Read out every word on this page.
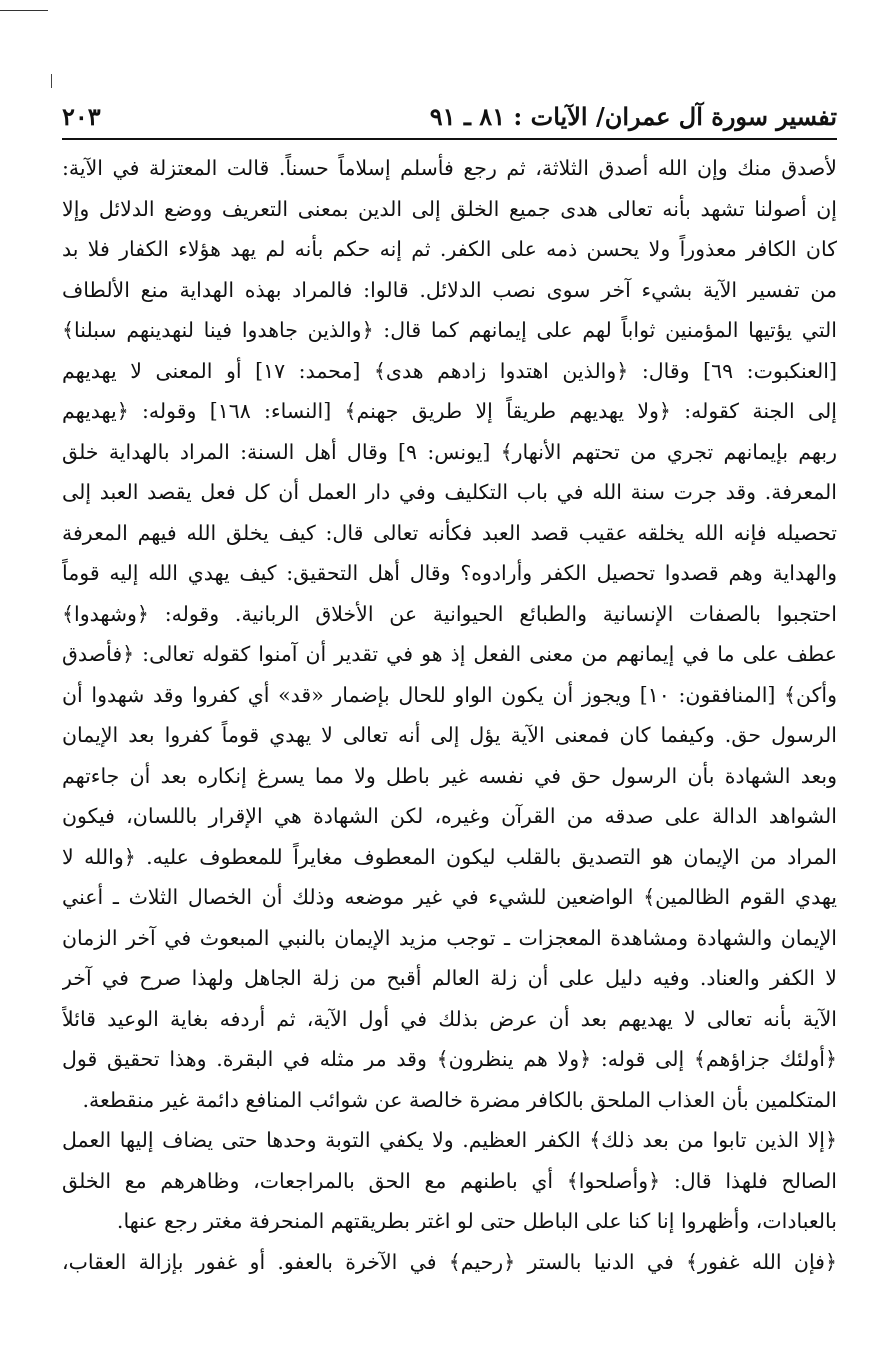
تفسير سورة آل عمران/ الآيات : ٨١ ـ ٩١
٢٠٣
لأصدق منك وإن الله أصدق الثلاثة، ثم رجع فأسلم إسلاماً حسناً. قالت المعتزلة في الآية:
إن أصولنا تشهد بأنه تعالى هدى جميع الخلق إلى الدين بمعنى التعريف ووضع الدلائل وإلا
كان الكافر معذوراً ولا يحسن ذمه على الكفر. ثم إنه حكم بأنه لم يهد هؤلاء الكفار فلا بد
من تفسير الآية بشيء آخر سوى نصب الدلائل. قالوا: فالمراد بهذه الهداية منع الألطاف
التي يؤتيها المؤمنين ثواباً لهم على إيمانهم كما قال: ﴿والذين جاهدوا فينا لنهدينهم سبلنا﴾
[العنكبوت: ٦٩] وقال: ﴿والذين اهتدوا زادهم هدى﴾ [محمد: ١٧] أو المعنى لا يهديهم
إلى الجنة كقوله: ﴿ولا يهديهم طريقاً إلا طريق جهنم﴾ [النساء: ١٦٨] وقوله: ﴿يهديهم
ربهم بإيمانهم تجري من تحتهم الأنهار﴾ [يونس: ٩] وقال أهل السنة: المراد بالهداية خلق
المعرفة. وقد جرت سنة الله في باب التكليف وفي دار العمل أن كل فعل يقصد العبد إلى
تحصيله فإنه الله يخلقه عقيب قصد العبد فكأنه تعالى قال: كيف يخلق الله فيهم المعرفة
والهداية وهم قصدوا تحصيل الكفر وأرادوه؟ وقال أهل التحقيق: كيف يهدي الله إليه قوماً
احتجبوا بالصفات الإنسانية والطبائع الحيوانية عن الأخلاق الربانية. وقوله: ﴿وشهدوا﴾
عطف على ما في إيمانهم من معنى الفعل إذ هو في تقدير أن آمنوا كقوله تعالى: ﴿فأصدق
وأكن﴾ [المنافقون: ١٠] ويجوز أن يكون الواو للحال بإضمار «قد» أي كفروا وقد شهدوا أن
الرسول حق. وكيفما كان فمعنى الآية يؤل إلى أنه تعالى لا يهدي قوماً كفروا بعد الإيمان
وبعد الشهادة بأن الرسول حق في نفسه غير باطل ولا مما يسرغ إنكاره بعد أن جاءتهم
الشواهد الدالة على صدقه من القرآن وغيره، لكن الشهادة هي الإقرار باللسان، فيكون
المراد من الإيمان هو التصديق بالقلب ليكون المعطوف مغايراً للمعطوف عليه. ﴿والله لا
يهدي القوم الظالمين﴾ الواضعين للشيء في غير موضعه وذلك أن الخصال الثلاث ـ أعني
الإيمان والشهادة ومشاهدة المعجزات ـ توجب مزيد الإيمان بالنبي المبعوث في آخر الزمان
لا الكفر والعناد. وفيه دليل على أن زلة العالم أقبح من زلة الجاهل ولهذا صرح في آخر
الآية بأنه تعالى لا يهديهم بعد أن عرض بذلك في أول الآية، ثم أردفه بغاية الوعيد قائلاً
﴿أولئك جزاؤهم﴾ إلى قوله: ﴿ولا هم ينظرون﴾ وقد مر مثله في البقرة. وهذا تحقيق قول
المتكلمين بأن العذاب الملحق بالكافر مضرة خالصة عن شوائب المنافع دائمة غير منقطعة.
﴿إلا الذين تابوا من بعد ذلك﴾ الكفر العظيم. ولا يكفي التوبة وحدها حتى يضاف إليها العمل
الصالح فلهذا قال: ﴿وأصلحوا﴾ أي باطنهم مع الحق بالمراجعات، وظاهرهم مع الخلق
بالعبادات، وأظهروا إنا كنا على الباطل حتى لو اغتر بطريقتهم المنحرفة مغتر رجع عنها.
﴿فإن الله غفور﴾ في الدنيا بالستر ﴿رحيم﴾ في الآخرة بالعفو. أو غفور بإزالة العقاب،
